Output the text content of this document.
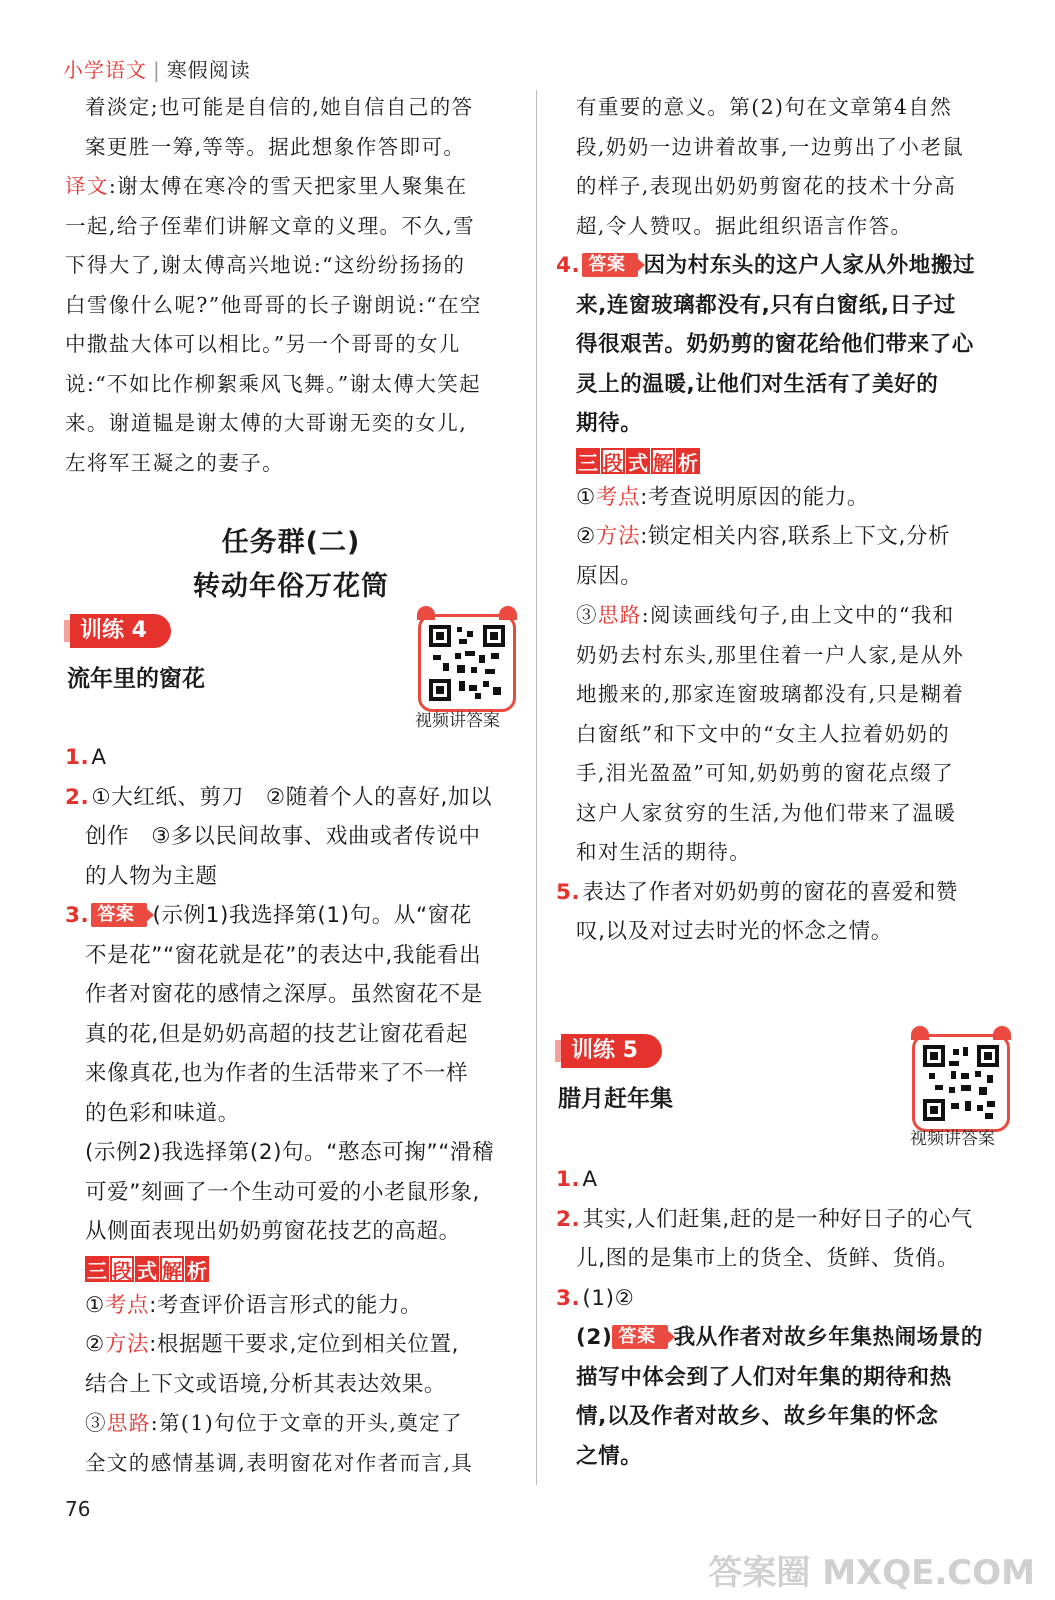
小学语文 | 寒假阅读
着淡定;也可能是自信的,她自信自己的答
案更胜一筹,等等。据此想象作答即可。
译文:谢太傅在寒冷的雪天把家里人聚集在
一起,给子侄辈们讲解文章的义理。不久,雪
下得大了,谢太傅高兴地说:“这纷纷扬扬的
白雪像什么呢?”他哥哥的长子谢朗说:“在空
中撒盐大体可以相比。”另一个哥哥的女儿
说:“不如比作柳絮乘风飞舞。”谢太傅大笑起
来。谢道韫是谢太傅的大哥谢无奕的女儿,
左将军王凝之的妻子。
任务群(二)
转动年俗万花筒
训练 4
流年里的窗花
视频讲答案
1.A
2.①大红纸、剪刀　②随着个人的喜好,加以
创作　③多以民间故事、戏曲或者传说中
的人物为主题
3. 答案 (示例1)我选择第(1)句。从“窗花
不是花”“窗花就是花”的表达中,我能看出
作者对窗花的感情之深厚。虽然窗花不是
真的花,但是奶奶高超的技艺让窗花看起
来像真花,也为作者的生活带来了不一样
的色彩和味道。
(示例2)我选择第(2)句。“憨态可掬”“滑稽
可爱”刻画了一个生动可爱的小老鼠形象,
从侧面表现出奶奶剪窗花技艺的高超。
三 段 式 解 析
①考点:考查评价语言形式的能力。
②方法:根据题干要求,定位到相关位置,
结合上下文或语境,分析其表达效果。
③思路:第(1)句位于文章的开头,奠定了
全文的感情基调,表明窗花对作者而言,具
有重要的意义。第(2)句在文章第4自然
段,奶奶一边讲着故事,一边剪出了小老鼠
的样子,表现出奶奶剪窗花的技术十分高
超,令人赞叹。据此组织语言作答。
4. 答案 因为村东头的这户人家从外地搬过
来,连窗玻璃都没有,只有白窗纸,日子过
得很艰苦。奶奶剪的窗花给他们带来了心
灵上的温暖,让他们对生活有了美好的
期待。
三 段 式 解 析
①考点:考查说明原因的能力。
②方法:锁定相关内容,联系上下文,分析
原因。
③思路:阅读画线句子,由上文中的“我和
奶奶去村东头,那里住着一户人家,是从外
地搬来的,那家连窗玻璃都没有,只是糊着
白窗纸”和下文中的“女主人拉着奶奶的
手,泪光盈盈”可知,奶奶剪的窗花点缀了
这户人家贫穷的生活,为他们带来了温暖
和对生活的期待。
5.表达了作者对奶奶剪的窗花的喜爱和赞
叹,以及对过去时光的怀念之情。
训练 5
腊月赶年集
视频讲答案
1.A
2.其实,人们赶集,赶的是一种好日子的心气
儿,图的是集市上的货全、货鲜、货俏。
3.(1)②
(2) 答案 我从作者对故乡年集热闹场景的
描写中体会到了人们对年集的期待和热
情,以及作者对故乡、故乡年集的怀念
之情。
76
答案圈 MXQE.COM
